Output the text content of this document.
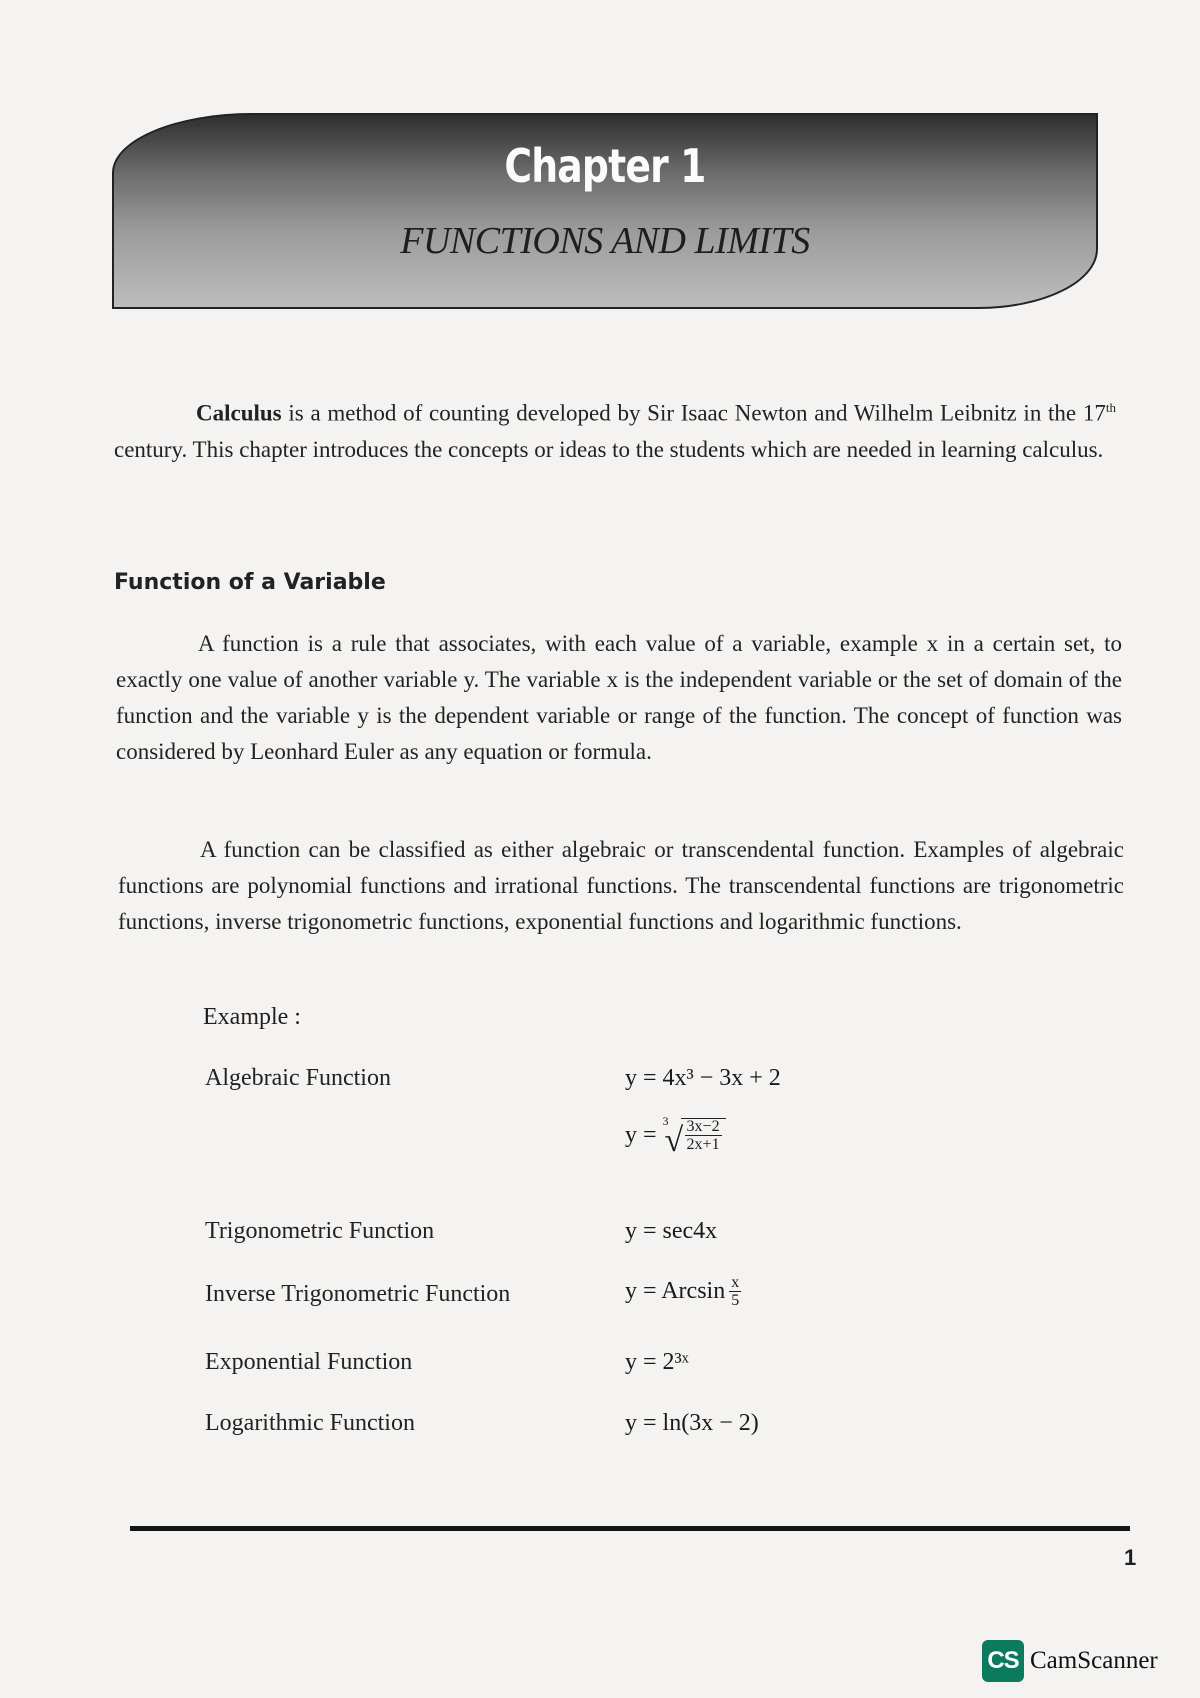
Chapter 1
FUNCTIONS AND LIMITS
Calculus is a method of counting developed by Sir Isaac Newton and Wilhelm Leibnitz in the 17th century. This chapter introduces the concepts or ideas to the students which are needed in learning calculus.
Function of a Variable
A function is a rule that associates, with each value of a variable, example x in a certain set, to exactly one value of another variable y. The variable x is the independent variable or the set of domain of the function and the variable y is the dependent variable or range of the function. The concept of function was considered by Leonhard Euler as any equation or formula.
A function can be classified as either algebraic or transcendental function. Examples of algebraic functions are polynomial functions and irrational functions. The transcendental functions are trigonometric functions, inverse trigonometric functions, exponential functions and logarithmic functions.
Example :
Algebraic Function	y = 4x³ − 3x + 2
y =
3
√ $\frac{3x-2}{2x+1}$
Trigonometric Function	y = sec4x
Inverse Trigonometric Function	y = Arcsin $\frac{x}{5}$
Exponential Function	y = 2³ˣ
Logarithmic Function	y = ln(3x − 2)
1
CS CamScanner
